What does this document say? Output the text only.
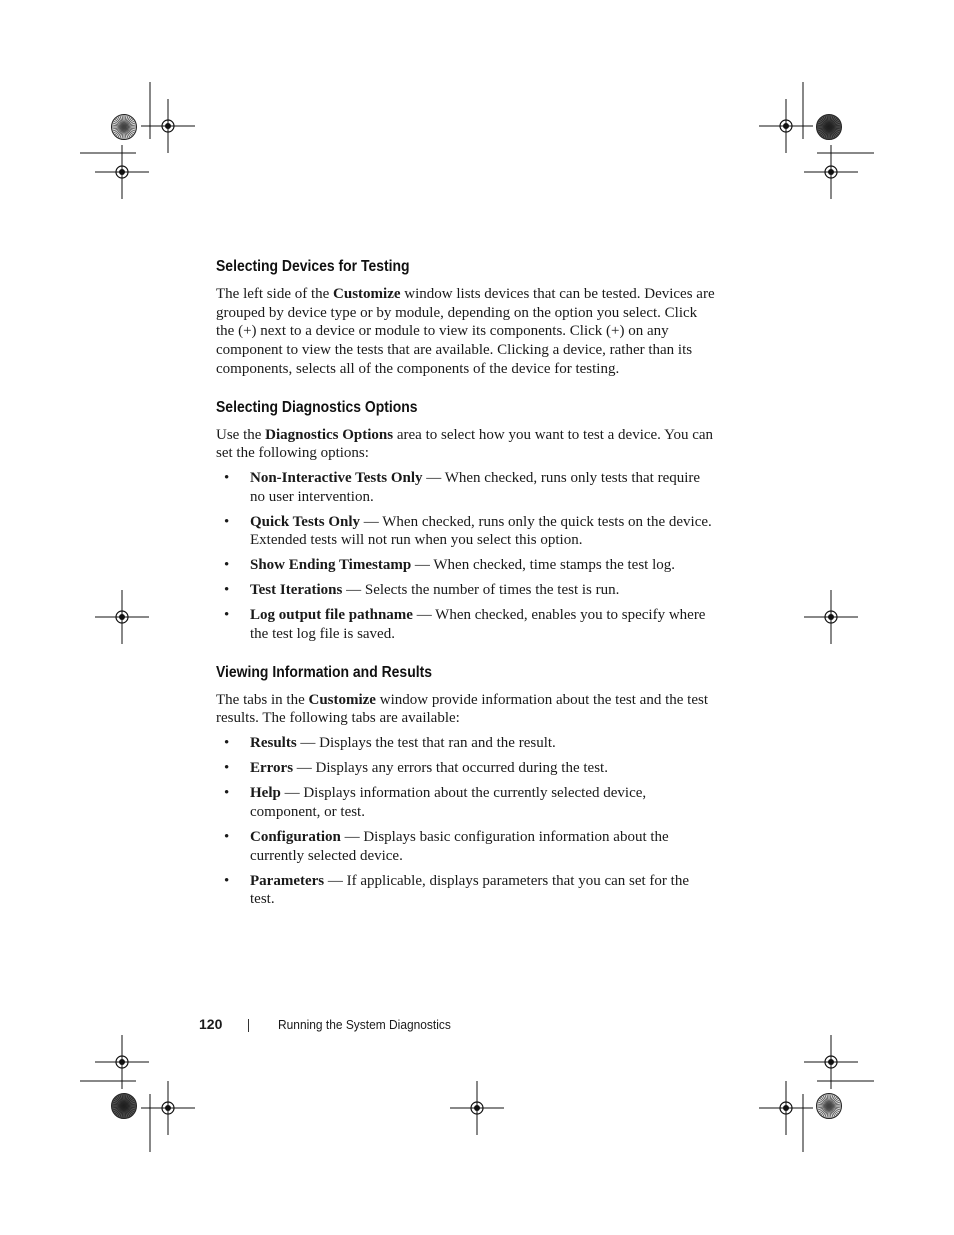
Selecting Devices for Testing

The left side of the Customize window lists devices that can be tested. Devices are grouped by device type or by module, depending on the option you select. Click the (+) next to a device or module to view its components. Click (+) on any component to view the tests that are available. Clicking a device, rather than its components, selects all of the components of the device for testing.

Selecting Diagnostics Options

Use the Diagnostics Options area to select how you want to test a device. You can set the following options:

• Non-Interactive Tests Only — When checked, runs only tests that require no user intervention.
• Quick Tests Only — When checked, runs only the quick tests on the device. Extended tests will not run when you select this option.
• Show Ending Timestamp — When checked, time stamps the test log.
• Test Iterations — Selects the number of times the test is run.
• Log output file pathname — When checked, enables you to specify where the test log file is saved.
Viewing Information and Results

The tabs in the Customize window provide information about the test and the test results. The following tabs are available:

• Results — Displays the test that ran and the result.
• Errors — Displays any errors that occurred during the test.
• Help — Displays information about the currently selected device, component, or test.
• Configuration — Displays basic configuration information about the currently selected device.
• Parameters — If applicable, displays parameters that you can set for the test.
120	Running the System Diagnostics
